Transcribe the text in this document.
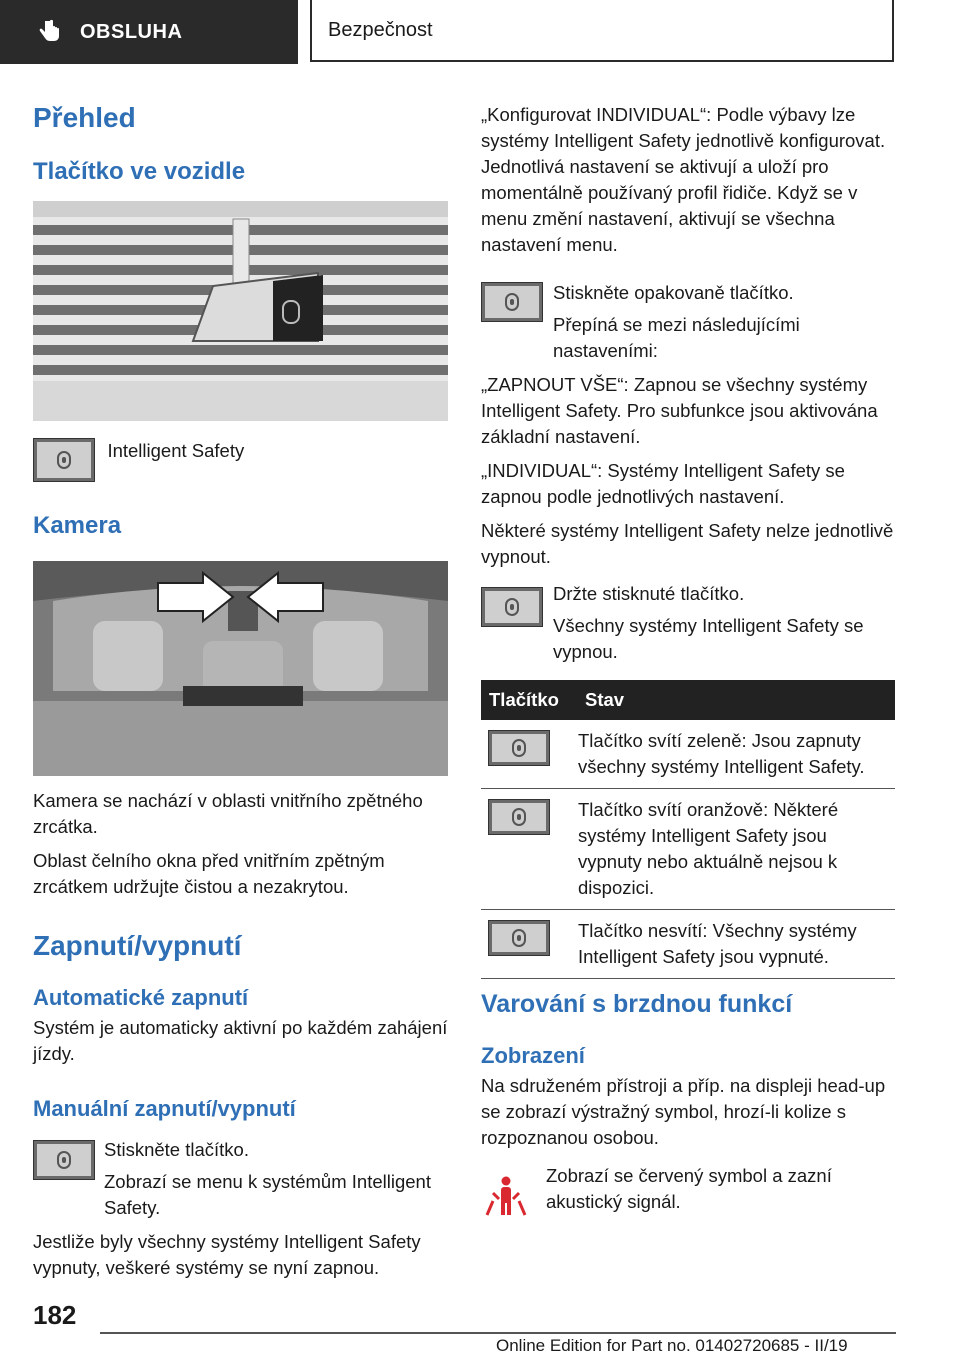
OBSLUHA	Bezpečnost
Přehled
Tlačítko ve vozidle

Intelligent Safety

Kamera

Kamera se nachází v oblasti vnitřního zpětného zrcátka.

Oblast čelního okna před vnitřním zpětným zrcátkem udržujte čistou a nezakrytou.

Zapnutí/vypnutí
Automatické zapnutí

Systém je automaticky aktivní po každém zahájení jízdy.

Manuální zapnutí/vypnutí

Stiskněte tlačítko.

Zobrazí se menu k systémům Intelligent Safety.

Jestliže byly všechny systémy Intelligent Safety vypnuty, veškeré systémy se nyní zapnou.

„Konfigurovat INDIVIDUAL“: Podle výbavy lze systémy Intelligent Safety jednotlivě konfigurovat. Jednotlivá nastavení se aktivují a uloží pro momentálně používaný profil řidiče. Když se v menu změní nastavení, aktivují se všechna nastavení menu.

Stiskněte opakovaně tlačítko.

Přepíná se mezi následujícími nastaveními:

„ZAPNOUT VŠE“: Zapnou se všechny systémy Intelligent Safety. Pro subfunkce jsou aktivována základní nastavení.

„INDIVIDUAL“: Systémy Intelligent Safety se zapnou podle jednotlivých nastavení.

Některé systémy Intelligent Safety nelze jednotlivě vypnout.

Držte stisknuté tlačítko.

Všechny systémy Intelligent Safety se vypnou.

Tlačítko	Stav

Tlačítko svítí zeleně: Jsou zapnuty všechny systémy Intelligent Safety.

Tlačítko svítí oranžově: Některé systémy Intelligent Safety jsou vypnuty nebo aktuálně nejsou k dispozici.

Tlačítko nesvítí: Všechny systémy Intelligent Safety jsou vypnuté.

Varování s brzdnou funkcí
Zobrazení

Na sdruženém přístroji a příp. na displeji head-up se zobrazí výstražný symbol, hrozí-li kolize s rozpoznanou osobou.

Zobrazí se červený symbol a zazní akustický signál.

182
Online Edition for Part no. 01402720685 - II/19
